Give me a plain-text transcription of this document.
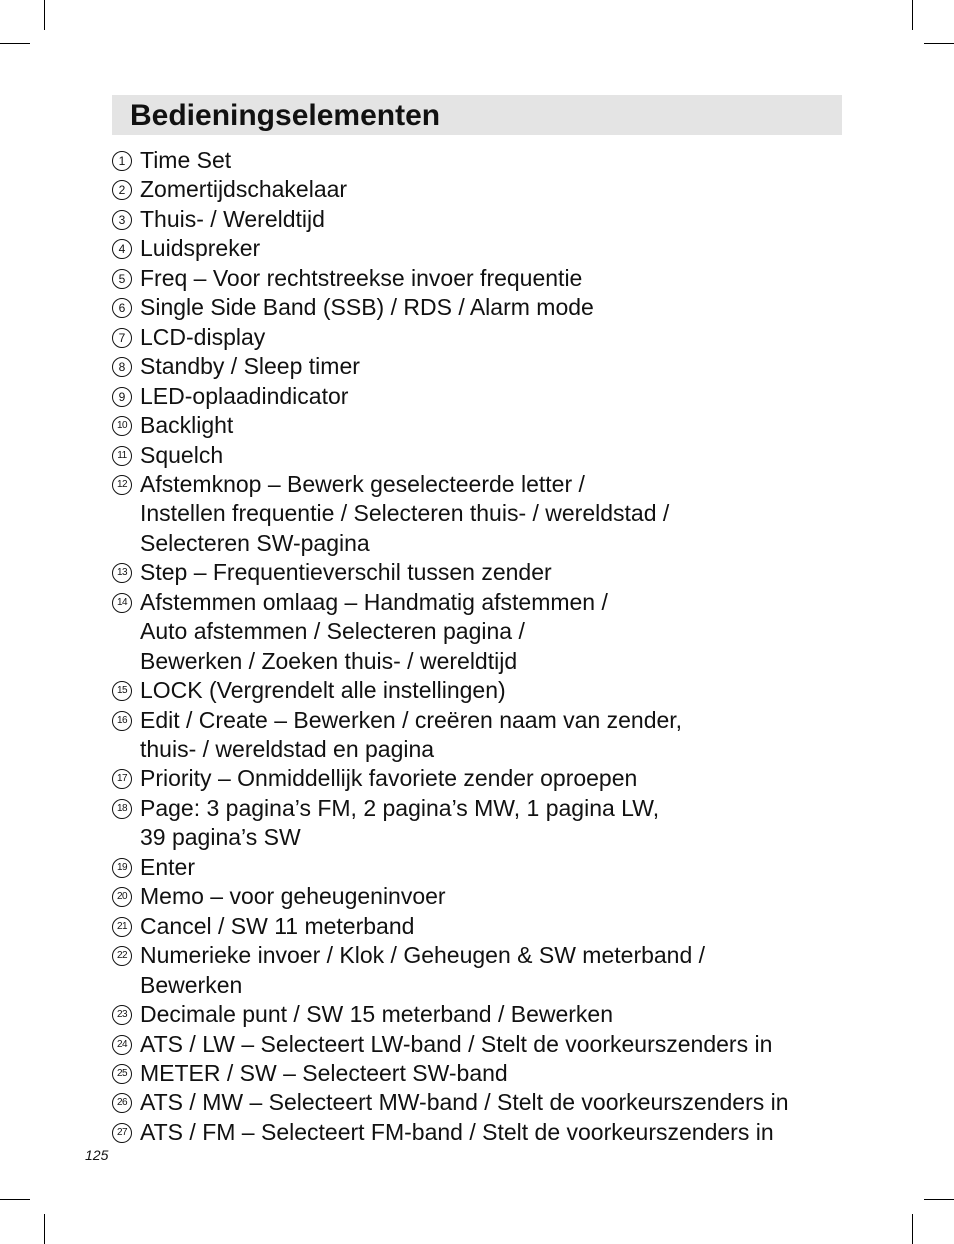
Bedieningselementen
1 Time Set
2 Zomertijdschakelaar
3 Thuis- / Wereldtijd
4 Luidspreker
5 Freq – Voor rechtstreekse invoer frequentie
6 Single Side Band (SSB) / RDS / Alarm mode
7 LCD-display
8 Standby / Sleep timer
9 LED-oplaadindicator
10 Backlight
11 Squelch
12 Afstemknop – Bewerk geselecteerde letter /
Instellen frequentie / Selecteren thuis- / wereldstad /
Selecteren SW-pagina
13 Step – Frequentieverschil tussen zender
14 Afstemmen omlaag – Handmatig afstemmen /
Auto afstemmen / Selecteren pagina /
Bewerken / Zoeken thuis- / wereldtijd
15 LOCK (Vergrendelt alle instellingen)
16 Edit / Create – Bewerken / creëren naam van zender,
thuis- / wereldstad en pagina
17 Priority – Onmiddellijk favoriete zender oproepen
18 Page: 3 pagina’s FM, 2 pagina’s MW, 1 pagina LW,
39 pagina’s SW
19 Enter
20 Memo – voor geheugeninvoer
21 Cancel / SW 11 meterband
22 Numerieke invoer / Klok / Geheugen & SW meterband /
Bewerken
23 Decimale punt / SW 15 meterband / Bewerken
24 ATS / LW – Selecteert LW-band / Stelt de voorkeurszenders in
25 METER / SW – Selecteert SW-band
26 ATS / MW – Selecteert MW-band / Stelt de voorkeurszenders in
27 ATS / FM – Selecteert FM-band / Stelt de voorkeurszenders in
125
